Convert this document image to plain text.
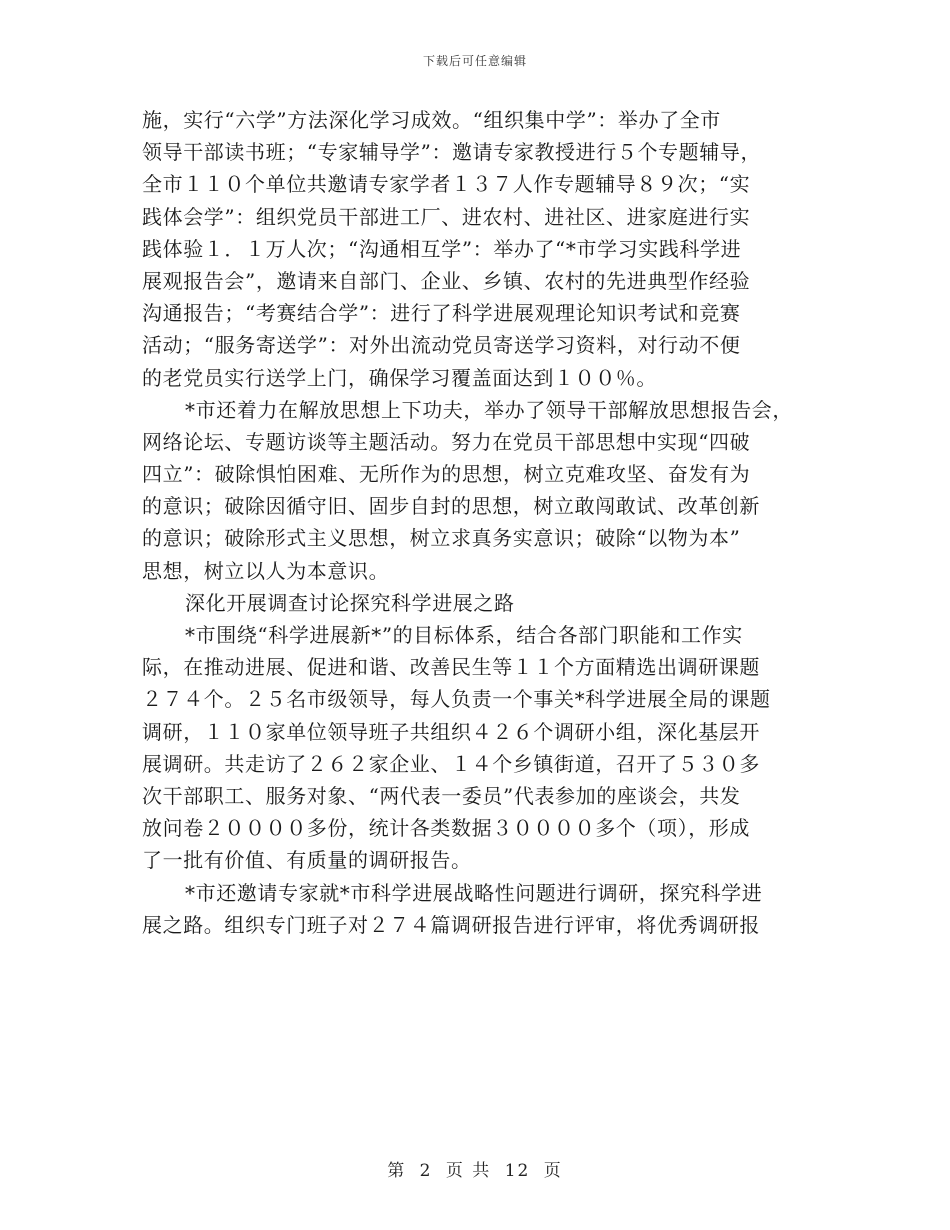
下载后可任意编辑
施，实行“六学”方法深化学习成效。“组织集中学”：举办了全市
领导干部读书班；“专家辅导学”：邀请专家教授进行５个专题辅导，
全市１１０个单位共邀请专家学者１３７人作专题辅导８９次；“实
践体会学”：组织党员干部进工厂、进农村、进社区、进家庭进行实
践体验１．１万人次；“沟通相互学”：举办了“*市学习实践科学进
展观报告会”，邀请来自部门、企业、乡镇、农村的先进典型作经验
沟通报告；“考赛结合学”：进行了科学进展观理论知识考试和竞赛
活动；“服务寄送学”：对外出流动党员寄送学习资料，对行动不便
的老党员实行送学上门，确保学习覆盖面达到１００％。
*市还着力在解放思想上下功夫，举办了领导干部解放思想报告会，
网络论坛、专题访谈等主题活动。努力在党员干部思想中实现“四破
四立”：破除惧怕困难、无所作为的思想，树立克难攻坚、奋发有为
的意识；破除因循守旧、固步自封的思想，树立敢闯敢试、改革创新
的意识；破除形式主义思想，树立求真务实意识；破除“以物为本”
思想，树立以人为本意识。
深化开展调查讨论探究科学进展之路
*市围绕“科学进展新*”的目标体系，结合各部门职能和工作实
际，在推动进展、促进和谐、改善民生等１１个方面精选出调研课题
２７４个。２５名市级领导，每人负责一个事关*科学进展全局的课题
调研，１１０家单位领导班子共组织４２６个调研小组，深化基层开
展调研。共走访了２６２家企业、１４个乡镇街道，召开了５３０多
次干部职工、服务对象、“两代表一委员”代表参加的座谈会，共发
放问卷２００００多份，统计各类数据３００００多个（项），形成
了一批有价值、有质量的调研报告。
*市还邀请专家就*市科学进展战略性问题进行调研，探究科学进
展之路。组织专门班子对２７４篇调研报告进行评审，将优秀调研报
第 2 页 共 12 页
